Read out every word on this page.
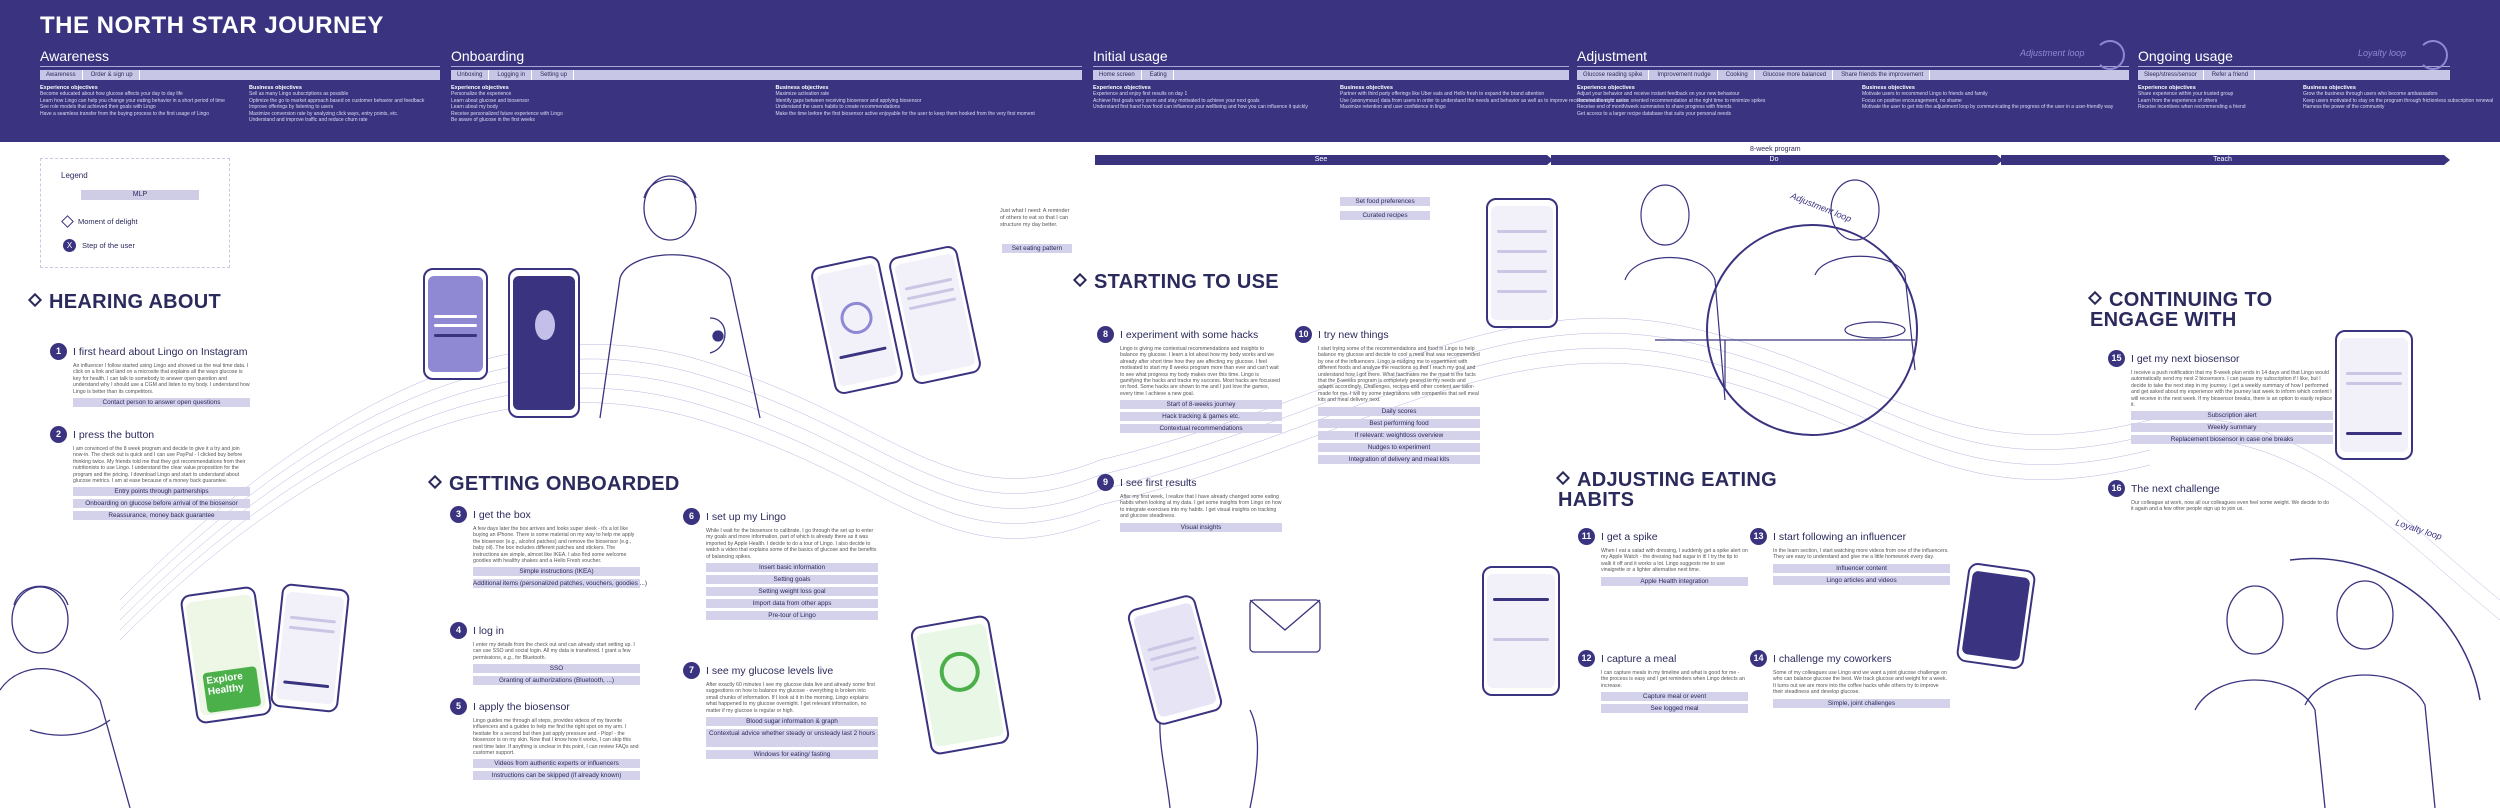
THE NORTH STAR JOURNEY
Awareness
Awareness	Order & sign up
Experience objectives
Become educated about how glucose affects your day to day life
Learn how Lingo can help you change your eating behavior in a short period of time
See role models that achieved their goals with Lingo
Have a seamless transfer from the buying process to the first usage of Lingo
Business objectives
Sell as many Lingo subscriptions as possible
Optimize the go to market approach based on customer behavior and feedback
Improve offerings by listening to users
Maximize conversion rate by analyzing click ways, entry points, etc.
Understand and improve traffic and reduce churn rate
Onboarding
Unboxing	Logging in	Setting up
Experience objectives
Personalize the experience
Learn about glucose and biosensor
Learn about my body
Receive personalized future experience with Lingo
Be aware of glucose in the first weeks
Business objectives
Maximize activation rate
Identify gaps between receiving biosensor and applying biosensor
Understand the users habits to create recommendations
Make the time before the first biosensor active enjoyable for the user to keep them hooked from the very first moment
Initial usage
Home screen	Eating
Experience objectives
Experience and enjoy first results on day 1
Achieve first goals very soon and stay motivated to achieve your next goals
Understand first hand how food can influence your wellbeing and how you can influence it quickly
Business objectives
Partner with third party offerings like Uber eats and Hello fresh to expand the brand attention
Use (anonymous) data from users in order to understand the needs and behavior as well as to improve recommendations to users
Maximize retention and user confidence in lingo
Adjustment
Glucose reading spike	Improvement nudge	Cooking	Glucose more balanced	Share friends the improvement
Experience objectives
Adjust your behavior and receive instant feedback on your new behaviour
Receive the right action oriented recommendation at the right time to minimize spikes
Receive end of month/week summaries to share progress with friends
Get access to a larger recipe database that suits your personal needs
Business objectives
Motivate users to recommend Lingo to friends and family
Focus on positive encouragement, no shame
Motivate the user to get into the adjustment loop by communicating the progress of the user in a user-friendly way
Adjustment loop	Ongoing usage
Sleep/stress/sensor	Refer a friend
Experience objectives
Share experience within your trusted group
Learn from the experience of others
Receive incentives when recommending a friend
Business objectives
Grow the business through users who become ambassadors
Keep users motivated to stay on the program through frictionless subscription renewal
Harness the power of the community
Loyalty loop
8-week program
See	Do	Teach
Legend
MLP
Moment of delight
X	Step of the user
Adjustment loop
Loyalty loop
Explore Healthy
Just what I need: A reminder of others to eat so that I can structure my day better.
Set eating pattern
Set food preferences
Curated recipes
HEARING ABOUT
GETTING ONBOARDED
STARTING TO USE
ADJUSTING EATING HABITS
CONTINUING TO ENGAGE WITH
1	I first heard about Lingo on Instagram
An influencer I follow started using Lingo and showed us the real time data. I click on a link and land on a microsite that explains all the ways glucose is key for health. I can talk to somebody to answer open question and understand why I should use a CGM and listen to my body. I understand how Lingo is better than its competitors.
Contact person to answer open questions
2	I press the button
I am convinced of the 8 week program and decide to give it a try and join now-in. The check out is quick and I can use PayPal - I clicked buy before thinking twice. My friends told me that they got recommendations from their nutritionists to use Lingo. I understand the clear value proposition for the program and the pricing. I download Lingo and start to understand about glucose metrics. I am at ease because of a money back guarantee.
Entry points through partnerships
Onboarding on glucose before arrival of the biosensor
Reassurance, money back guarantee	3	I get the box
A few days later the box arrives and looks super sleek - it's a lot like buying an iPhone. There is some material on my way to help me apply the biosensor (e.g., alcohol patches) and remove the biosensor (e.g., baby oil). The box includes different patches and stickers. The instructions are simple, almost like IKEA. I also find some welcome goodies with healthy shakes and a Hello Fresh voucher.
Simple instructions (IKEA)
Additional items (personalized patches, vouchers, goodies ...)
4	I log in
I enter my details from the check out and can already start setting up. I can use SSO and social login. All my data is transfered. I grant a few permissions, e.g., for Bluetooth.
SSO
Granting of authorizations (Bluetooth, ...)
5	I apply the biosensor
Lingo guides me through all steps, provides videos of my favorite influencers and a guides to help me find the right spot on my arm. I hesitate for a second but then just apply pressure and - Plop! - the biosensor is on my skin. Now that I know how it works, I can skip this next time later. If anything is unclear in this point, I can review FAQs and customer support.
Videos from authentic experts or influencers
Instructions can be skipped (if already known)
6	I set up my Lingo
While I wait for the biosensor to calibrate, I go through the set up to enter my goals and more information, part of which is already there as it was imported by Apple Health. I decide to do a tour of Lingo. I also decide to watch a video that explains some of the basics of glucose and the benefits of balancing spikes.
Insert basic information
Setting goals
Setting weight loss goal
Import data from other apps
Pre-tour of Lingo
7	I see my glucose levels live
After exactly 60 minutes I see my glucose data live and already some first suggestions on how to balance my glucose - everything is broken into small chunks of information. If I look at it in the morning, Lingo explains what happened to my glucose overnight. I get relevant information, no matter if my glucose is regular or high.
Blood sugar information & graph
Contextual advice whether steady or unsteady last 2 hours
Windows for eating/ fasting
8	I experiment with some hacks
Lingo is giving me contextual recommendations and insights to balance my glucose. I learn a lot about how my body works and we already after short time how they are affecting my glucose. I feel motivated to start my 8 weeks program more than ever and can't wait to see what progress my body makes over this time. Lingo is gamifying the hacks and tracks my success. Most hacks are focussed on food. Some hacks are shown to me and I just love the games, every time I achieve a new goal.
Start of 8-weeks journey
Hack tracking & games etc.
Contextual recommendations
9	I see first results
After my first week, I realize that I have already changed some eating habits when looking at my data. I get some insights from Lingo on how to integrate exercises into my habits. I get visual insights on tracking and glucose steadiness.
Visual insights
10 I try new things
I start trying some of the recommendations and food in Lingo to help balance my glucose and decide to cool a meal that was recommended by one of the influencers. Lingo is nudging me to experiment with different foods and analyze the reactions so that I reach my goal and understand how I got there. What fascinates me the most is the facts that the 8-weeks program is completely geared to my needs and adapts accordingly. Challenges, recipes and other content are tailor-made for me. I will try some integrations with companies that sell meal kits and meal delivery next.
Daily scores
Best performing food
If relevant: weightloss overview
Nudges to experiment
Integration of delivery and meal kits
11 I get a spike
When I eat a salad with dressing, I suddenly get a spike alert on my Apple Watch - the dressing had sugar in it! I try the tip to walk it off and it works a lot. Lingo suggests me to use vinaigrette or a lighter alternative next time.
Apple Health integration
12 I capture a meal
I can capture meals in my timeline and what is good for me - the process is easy and I get reminders when Lingo detects an increase.
Capture meal or event
See logged meal
13 I start following an influencer
In the learn section, I start watching more videos from one of the influencers. They are easy to understand and give me a little homework every day.
Influencer content
Lingo articles and videos
14 I challenge my coworkers
Some of my colleagues use Lingo and we want a joint glucose challenge on who can balance glucose the best. We track glucose and weight for a week. It turns out we are more into the coffee hacks while others try to improve their steadiness and develop glucose.
Simple, joint challenges
15 I get my next biosensor
I receive a push notification that my 8-week plan ends in 14 days and that Lingo would automatically send my next 2 biosensors. I can pause my subscription if I like, but I decide to take the next step in my journey. I get a weekly summary of how I performed and get asked about my experience with the journey last week to inform which content I will receive in the next week. If my biosensor breaks, there is an option to easily replace it.
Subscription alert
Weekly summary
Replacement biosensor in case one breaks
16 The next challenge
Our colleague at work, now all our colleagues even feel some weight. We decide to do it again and a few other people sign up to join us.
